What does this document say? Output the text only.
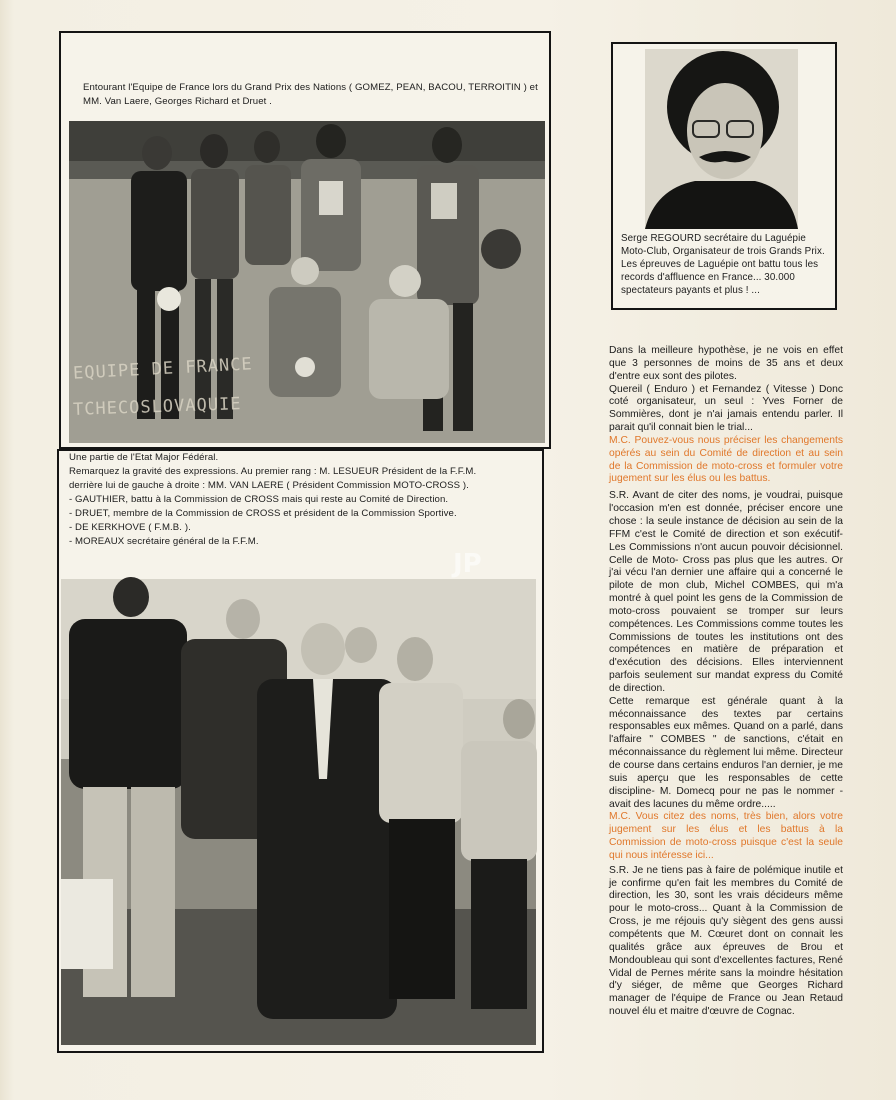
Entourant l'Equipe de France lors du Grand Prix des Nations ( GOMEZ, PEAN, BACOU, TERROITIN ) et MM. Van Laere, Georges Richard et Druet .
EQUIPE DE FRANCE
TCHECOSLOVAQUIE
Serge REGOURD secrétaire du Laguépie Moto-Club, Organisateur de trois Grands Prix. Les épreuves de Laguépie ont battu tous les records d'affluence en France... 30.000 spectateurs payants et plus ! ...

Une partie de l'Etat Major Fédéral.

Remarquez la gravité des expressions. Au premier rang : M. LESUEUR Président de la F.F.M.

derrière lui de gauche à droite : MM. VAN LAERE ( Président Commission MOTO-CROSS ).

- GAUTHIER, battu à la Commission de CROSS mais qui reste au Comité de Direction.

- DRUET, membre de la Commission de CROSS et président de la Commission Sportive.

- DE KERKHOVE ( F.M.B. ).

- MOREAUX secrétaire général de la F.F.M.

JP

Dans la meilleure hypothèse, je ne vois en effet que 3 personnes de moins de 35 ans et deux d'entre eux sont des pilotes.

Quereil ( Enduro ) et Fernandez ( Vitesse ) Donc coté organisateur, un seul : Yves Forner de Sommières, dont je n'ai jamais entendu parler. Il parait qu'il connait bien le trial...

M.C. Pouvez-vous nous préciser les changements opérés au sein du Comité de direction et au sein de la Commission de moto-cross et formuler votre jugement sur les élus ou les battus.

S.R. Avant de citer des noms, je voudrai, puisque l'occasion m'en est donnée, préciser encore une chose : la seule instance de décision au sein de la FFM c'est le Comité de direction et son exécutif- Les Commissions n'ont aucun pouvoir décisionnel. Celle de Moto- Cross pas plus que les autres. Or j'ai vécu l'an dernier une affaire qui a concerné le pilote de mon club, Michel COMBES, qui m'a montré à quel point les gens de la Commission de moto-cross pouvaient se tromper sur leurs compétences. Les Commissions comme toutes les Commissions de toutes les institutions ont des compétences en matière de préparation et d'exécution des décisions. Elles interviennent parfois seulement sur mandat express du Comité de direction.

Cette remarque est générale quant à la méconnaissance des textes par certains responsables eux mêmes. Quand on a parlé, dans l'affaire " COMBES " de sanctions, c'était en méconnaissance du règlement lui même. Directeur de course dans certains enduros l'an dernier, je me suis aperçu que les responsables de cette discipline- M. Domecq pour ne pas le nommer - avait des lacunes du même ordre.....

M.C. Vous citez des noms, très bien, alors votre jugement sur les élus et les battus à la Commission de moto-cross puisque c'est la seule qui nous intéresse ici...

S.R. Je ne tiens pas à faire de polémique inutile et je confirme qu'en fait les membres du Comité de direction, les 30, sont les vrais décideurs même pour le moto-cross... Quant à la Commission de Cross, je me réjouis qu'y siègent des gens aussi compétents que M. Cœuret dont on connait les qualités grâce aux épreuves de Brou et Mondoubleau qui sont d'excellentes factures, René Vidal de Pernes mérite sans la moindre hésitation d'y siéger, de même que Georges Richard manager de l'équipe de France ou Jean Retaud nouvel élu et maitre d'œuvre de Cognac.
